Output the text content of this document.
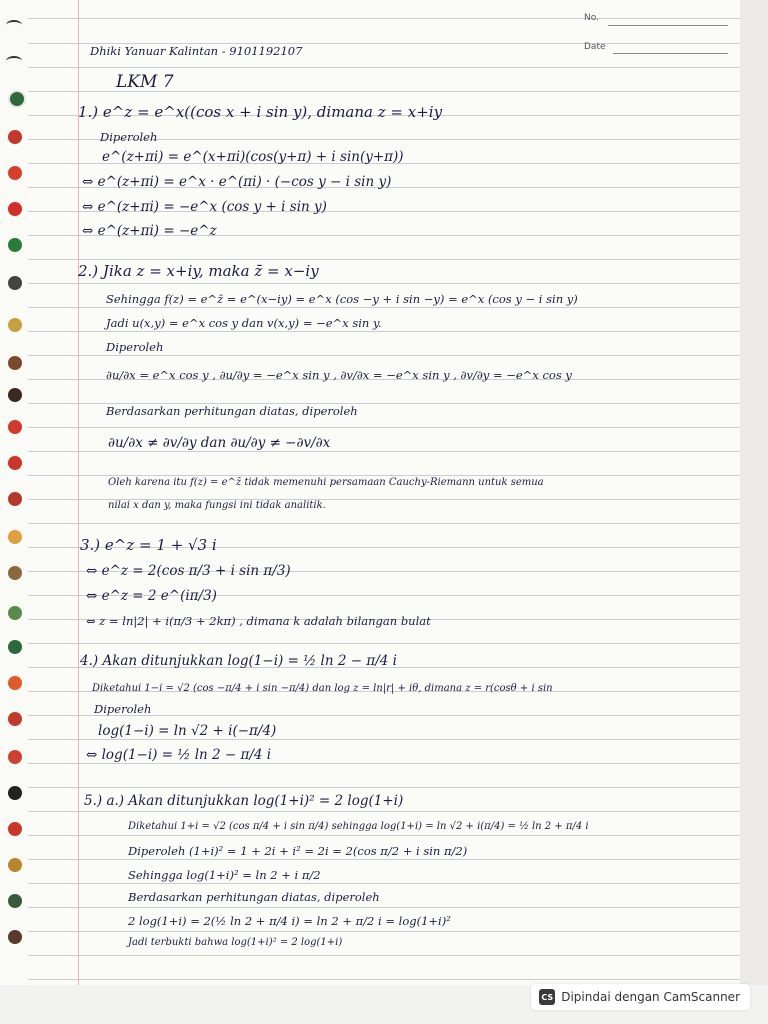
No.
Date
Dhiki Yanuar Kalintan - 9101192107
LKM 7
1.) e^z = e^x((cos x + i sin y), dimana z = x+iy
Diperoleh
e^(z+πi) = e^(x+πi)(cos(y+π) + i sin(y+π))
⇔ e^(z+πi) = e^x · e^(πi) · (−cos y − i sin y)
⇔ e^(z+πi) = −e^x (cos y + i sin y)
⇔ e^(z+πi) = −e^z
2.) Jika z = x+iy, maka z̄ = x−iy
Sehingga f(z) = e^z̄ = e^(x−iy) = e^x (cos −y + i sin −y) = e^x (cos y − i sin y)
Jadi u(x,y) = e^x cos y dan v(x,y) = −e^x sin y.
Diperoleh
∂u/∂x = e^x cos y , ∂u/∂y = −e^x sin y , ∂v/∂x = −e^x sin y , ∂v/∂y = −e^x cos y
Berdasarkan perhitungan diatas, diperoleh
∂u/∂x ≠ ∂v/∂y dan ∂u/∂y ≠ −∂v/∂x
Oleh karena itu f(z) = e^z̄ tidak memenuhi persamaan Cauchy-Riemann untuk semua
nilai x dan y, maka fungsi ini tidak analitik.
3.) e^z = 1 + √3 i
⇔ e^z = 2(cos π/3 + i sin π/3)
⇔ e^z = 2 e^(iπ/3)
⇔ z = ln|2| + i(π/3 + 2kπ) , dimana k adalah bilangan bulat
4.) Akan ditunjukkan log(1−i) = ½ ln 2 − π/4 i
Diketahui 1−i = √2 (cos −π/4 + i sin −π/4) dan log z = ln|r| + iθ, dimana z = r(cosθ + i sin
Diperoleh
log(1−i) = ln √2 + i(−π/4)
⇔ log(1−i) = ½ ln 2 − π/4 i
5.) a.) Akan ditunjukkan log(1+i)² = 2 log(1+i)
Diketahui 1+i = √2 (cos π/4 + i sin π/4) sehingga log(1+i) = ln √2 + i(π/4) = ½ ln 2 + π/4 i
Diperoleh (1+i)² = 1 + 2i + i² = 2i = 2(cos π/2 + i sin π/2)
Sehingga log(1+i)² = ln 2 + i π/2
Berdasarkan perhitungan diatas, diperoleh
2 log(1+i) = 2(½ ln 2 + π/4 i) = ln 2 + π/2 i = log(1+i)²
Jadi terbukti bahwa log(1+i)² = 2 log(1+i)
CS Dipindai dengan CamScanner
